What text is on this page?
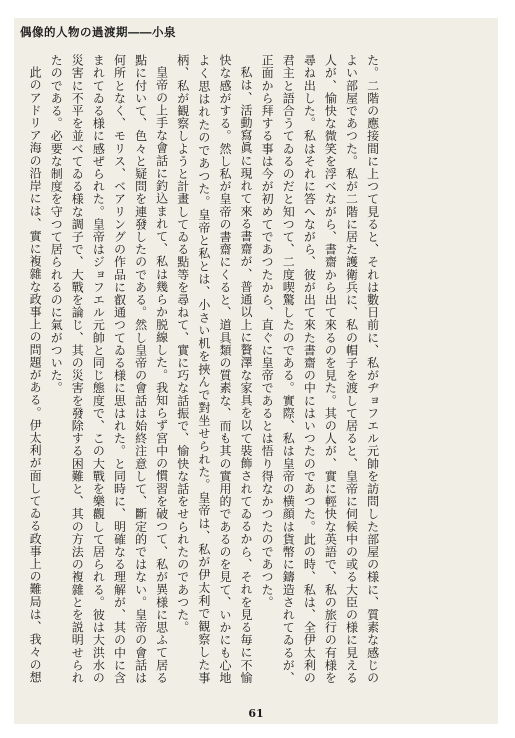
偶像的人物の過渡期――小泉

た。二階の應接間に上つて見ると、それは數日前に、私がヂョフエル元帥を訪問した部屋の様に、質素な感じのよい部屋であつた。私が二階に居た護衛兵に、私の帽子を渡して居ると、皇帝に伺候中の或る大臣の様に見える人が、愉快な微笑を浮べながら、書齋から出て來るのを見た。其の人が、實に輕快な英語で、私の旅行の有様を尋ね出した。私はそれに答へながら、彼が出て來た書齋の中にはいつたのであつた。此の時、私は、全伊太利の君主と語合うてゐるのだと知つて、二度喫驚したのである。實際、私は皇帝の横顔は貨幣に鑄造されてゐるが、正面から拜する事は今が初めてであつたから、直ぐに皇帝であるとは悟り得なかつたのであつた。

私は、活動寫眞に現れて來る書齋が、普通以上に贅澤な家具を以て裝飾されてゐるから、それを見る毎に不愉快な感がする。然し私が皇帝の書齋にくると、道具類の質素な、而も其の實用的であるのを見て、いかにも心地よく思はれたのであつた。皇帝と私とは、小さい机を挾んで對坐せられた。皇帝は、私が伊太利で観察した事柄、私が観察しようと計畫してゐる點等を尋ねて、實に巧な話振で、愉快な話をせられたのであつた。

皇帝の上手な會話に釣込まれて、私は幾らか脱線した。我知らず宮中の慣習を破つて、私が異様に思ふて居る點に付いて、色々と疑問を連發したのである。然し皇帝の會話は始終注意して、斷定的ではない。皇帝の會話は何所となく、モリス、ベアリングの作品に叡通つてゐる様に思はれた。と同時に、明確なる理解が、其の中に含まれてゐる様に感ぜられた。皇帝はジョフエル元帥と同じ態度で、この大戰を樂觀して居られる。彼は大洪水の災害に不平を並べてゐる様な調子で、大戰を論じ、其の災害を發除する困難と、其の方法の複雜とを説明せられたのである。必要な制度を守つて居られるのに氣がついた。

此のアドリア海の沿岸には、實に複雜な政事上の問題がある。伊太利が面してゐる政事上の難局は、我々の想

61
